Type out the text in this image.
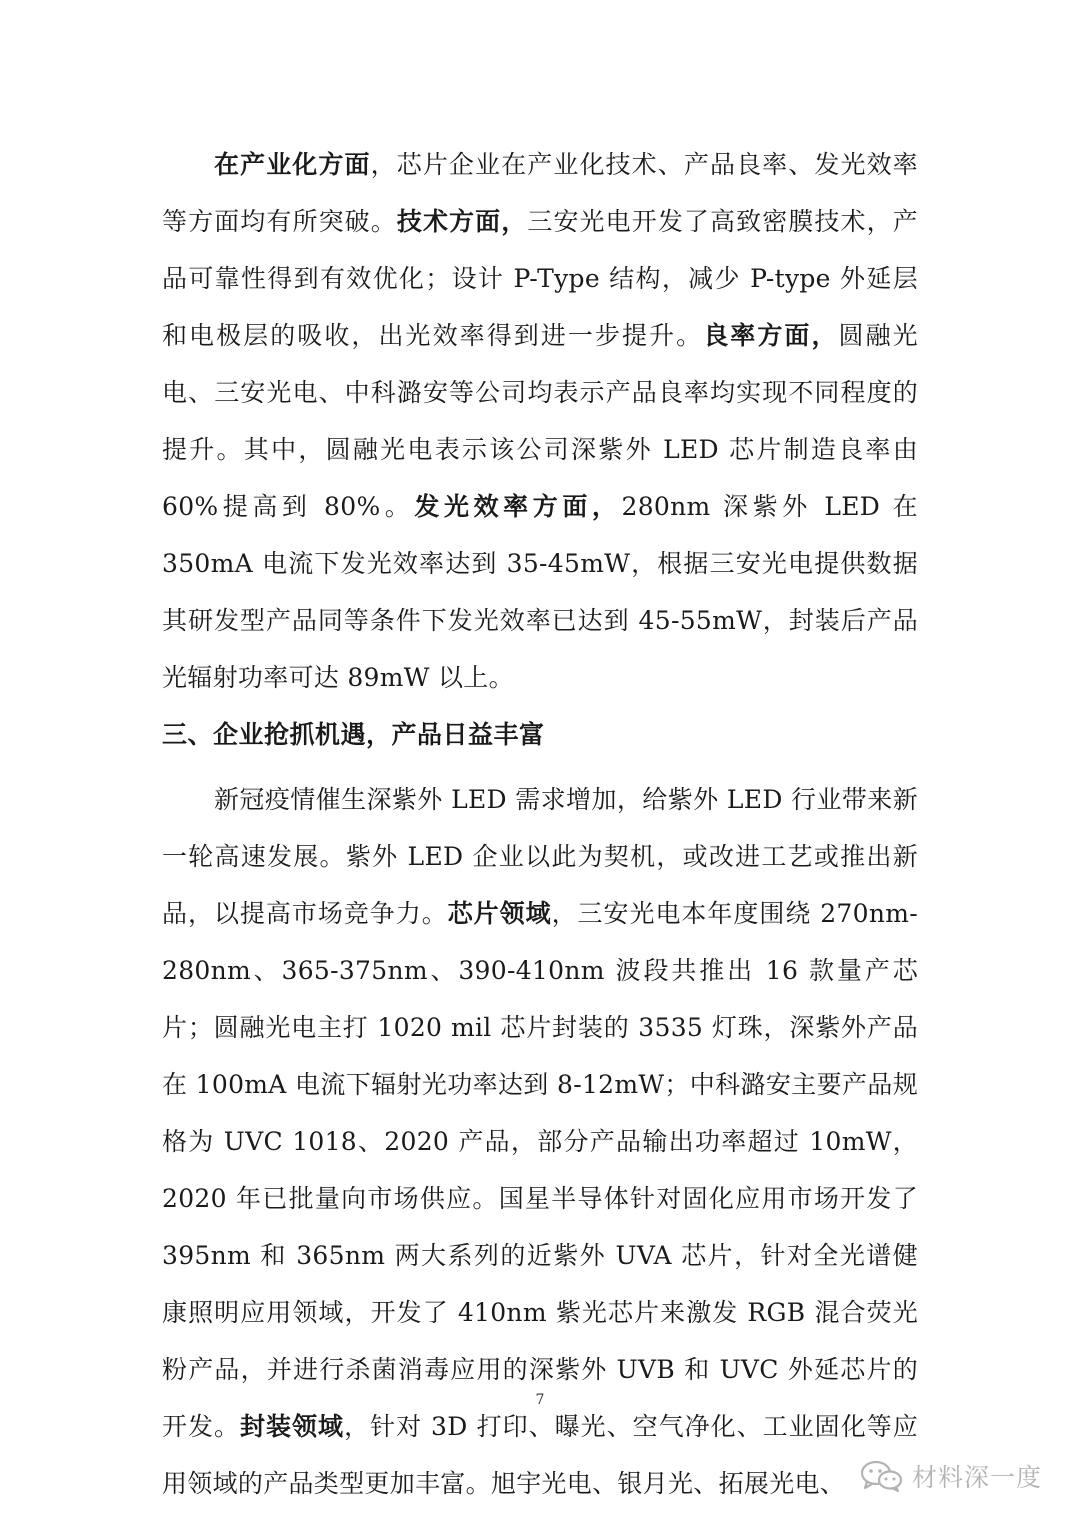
在产业化方面，芯片企业在产业化技术、产品良率、发光效率等方面均有所突破。技术方面，三安光电开发了高致密膜技术，产品可靠性得到有效优化；设计 P-Type 结构，减少 P-type 外延层和电极层的吸收，出光效率得到进一步提升。良率方面，圆融光电、三安光电、中科潞安等公司均表示产品良率均实现不同程度的提升。其中，圆融光电表示该公司深紫外 LED 芯片制造良率由 60%提高到 80%。发光效率方面，280nm 深紫外 LED 在 350mA 电流下发光效率达到 35-45mW，根据三安光电提供数据其研发型产品同等条件下发光效率已达到 45-55mW，封装后产品光辐射功率可达 89mW 以上。

三、企业抢抓机遇，产品日益丰富

新冠疫情催生深紫外 LED 需求增加，给紫外 LED 行业带来新一轮高速发展。紫外 LED 企业以此为契机，或改进工艺或推出新品，以提高市场竞争力。芯片领域，三安光电本年度围绕 270nm-280nm、365-375nm、390-410nm 波段共推出 16 款量产芯片；圆融光电主打 1020 mil 芯片封装的 3535 灯珠，深紫外产品在 100mA 电流下辐射光功率达到 8-12mW；中科潞安主要产品规格为 UVC 1018、2020 产品，部分产品输出功率超过 10mW，2020 年已批量向市场供应。国星半导体针对固化应用市场开发了 395nm 和 365nm 两大系列的近紫外 UVA 芯片，针对全光谱健康照明应用领域，开发了 410nm 紫光芯片来激发 RGB 混合荧光粉产品，并进行杀菌消毒应用的深紫外 UVB 和 UVC 外延芯片的开发。封装领域，针对 3D 打印、曝光、空气净化、工业固化等应用领域的产品类型更加丰富。旭宇光电、银月光、拓展光电、

7
材料深一度
